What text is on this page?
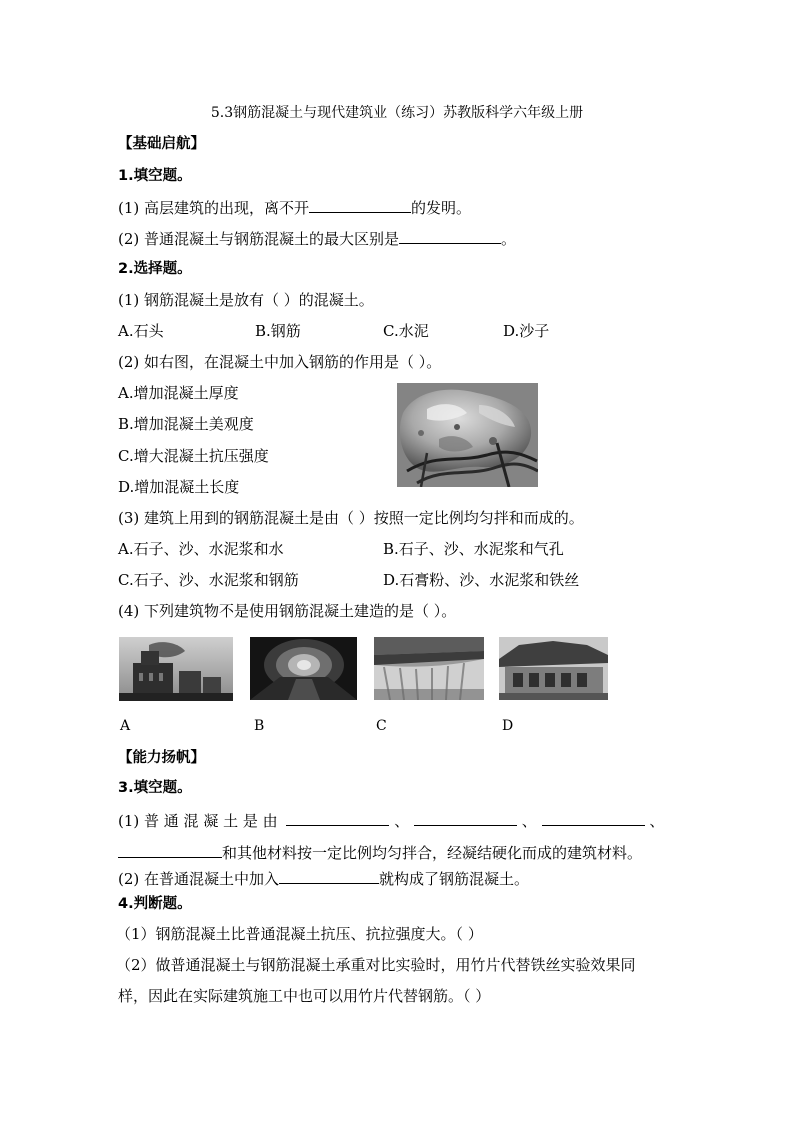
5.3钢筋混凝土与现代建筑业（练习）苏教版科学六年级上册
【基础启航】
1.填空题。
(1) 高层建筑的出现，离不开	的发明。
(2) 普通混凝土与钢筋混凝土的最大区别是	。
2.选择题。
(1) 钢筋混凝土是放有（ ）的混凝土。
A.石头	B.钢筋	C.水泥	D.沙子
(2) 如右图，在混凝土中加入钢筋的作用是（ ）。
A.增加混凝土厚度
B.增加混凝土美观度
C.增大混凝土抗压强度
D.增加混凝土长度
(3) 建筑上用到的钢筋混凝土是由（ ）按照一定比例均匀拌和而成的。
A.石子、沙、水泥浆和水	B.石子、沙、水泥浆和气孔
C.石子、沙、水泥浆和钢筋	D.石膏粉、沙、水泥浆和铁丝
(4) 下列建筑物不是使用钢筋混凝土建造的是（ ）。
A	B	C	D
【能力扬帆】
3.填空题。
(1) 普 通 混 凝 土 是 由	、	、	、
和其他材料按一定比例均匀拌合，经凝结硬化而成的建筑材料。
(2) 在普通混凝土中加入	就构成了钢筋混凝土。
4.判断题。
（1）钢筋混凝土比普通混凝土抗压、抗拉强度大。（ ）
（2）做普通混凝土与钢筋混凝土承重对比实验时，用竹片代替铁丝实验效果同
样，因此在实际建筑施工中也可以用竹片代替钢筋。（ ）
